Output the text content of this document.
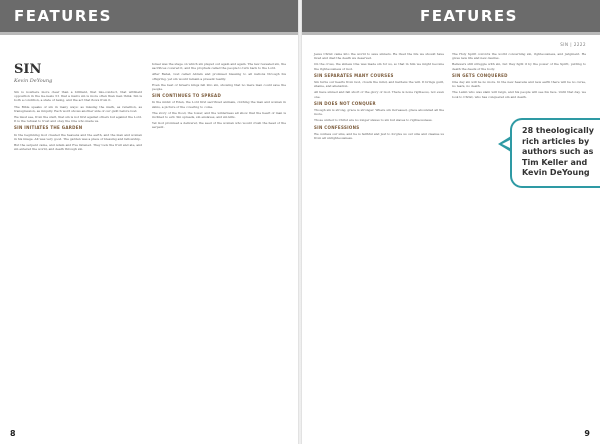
FEATURES
SIN
Kevin DeYoung

Sin is nowhere more clear than a brilliant, that mis-conduct, that withheld opposition in the Ge-nesis 3:1 that a man's sin is more often than men think. Sin is both a condition, a state of being, and the act that flows from it.

The Bible speaks of sin in many ways: as missing the mark, as rebellion, as transgression, as iniquity. Each word shows another side of our guilt before God.

We must see, from the start, that sin is not first against others but against the Lord. It is the refusal to trust and obey the One who made us.

SIN INITIATES THE GARDEN

In the beginning God created the heavens and the earth, and the man and woman in his image. All was very good. The garden was a place of blessing and fellowship.

But the serpent came, and Adam and Eve listened. They took the fruit and ate, and sin entered the world, and death through sin.

Israel was the stage on which sin played out again and again. The law revealed sin, the sacrifices covered it, and the prophets called the people to turn back to the Lord.

After Babel, God called Abram and promised blessing to all nations through his offspring, yet sin would remain a present reality.

Even the best of Israel's kings fell into sin, showing that no mere man could save the people.

SIN CONTINUES TO SPREAD

In the midst of Eden, the Lord first sacrificed animals, clothing the man and woman in skins, a picture of the covering to come.

The story of the flood, the tower, and the wilderness all show that the heart of man is inclined to evil. Sin spreads, sin enslaves, and sin kills.

Yet God promised a deliverer, the seed of the woman who would crush the head of the serpent.

8
FEATURES
SIN | 2222

Jesus Christ came into the world to save sinners. He lived the life we should have lived and died the death we deserved.

On the cross, the sinless One was made sin for us, so that in him we might become the righteousness of God.

SIN SEPARATES MANY COURSES

Sin turns our hearts from God, clouds the mind, and hardens the will. It brings guilt, shame, and alienation.

All have sinned and fall short of the glory of God. There is none righteous, not even one.

SIN DOES NOT CONQUER

Though sin is strong, grace is stronger. Where sin increased, grace abounded all the more.

Those united to Christ are no longer slaves to sin but slaves to righteousness.

SIN CONFESSIONS

We confess our sins, and he is faithful and just to forgive us our sins and cleanse us from all unrighteousness.

The Holy Spirit convicts the world concerning sin, righteousness, and judgment. He gives new life and new desires.

Believers still struggle with sin, but they fight it by the power of the Spirit, putting to death the deeds of the body.

SIN GETS CONQUERED

One day sin will be no more. In the new heavens and new earth there will be no curse, no tears, no death.

The Lamb who was slain will reign, and his people will see his face. Until that day, we look to Christ, who has conquered sin and death.

9
28 theologically rich articles by authors such as Tim Keller and Kevin DeYoung
